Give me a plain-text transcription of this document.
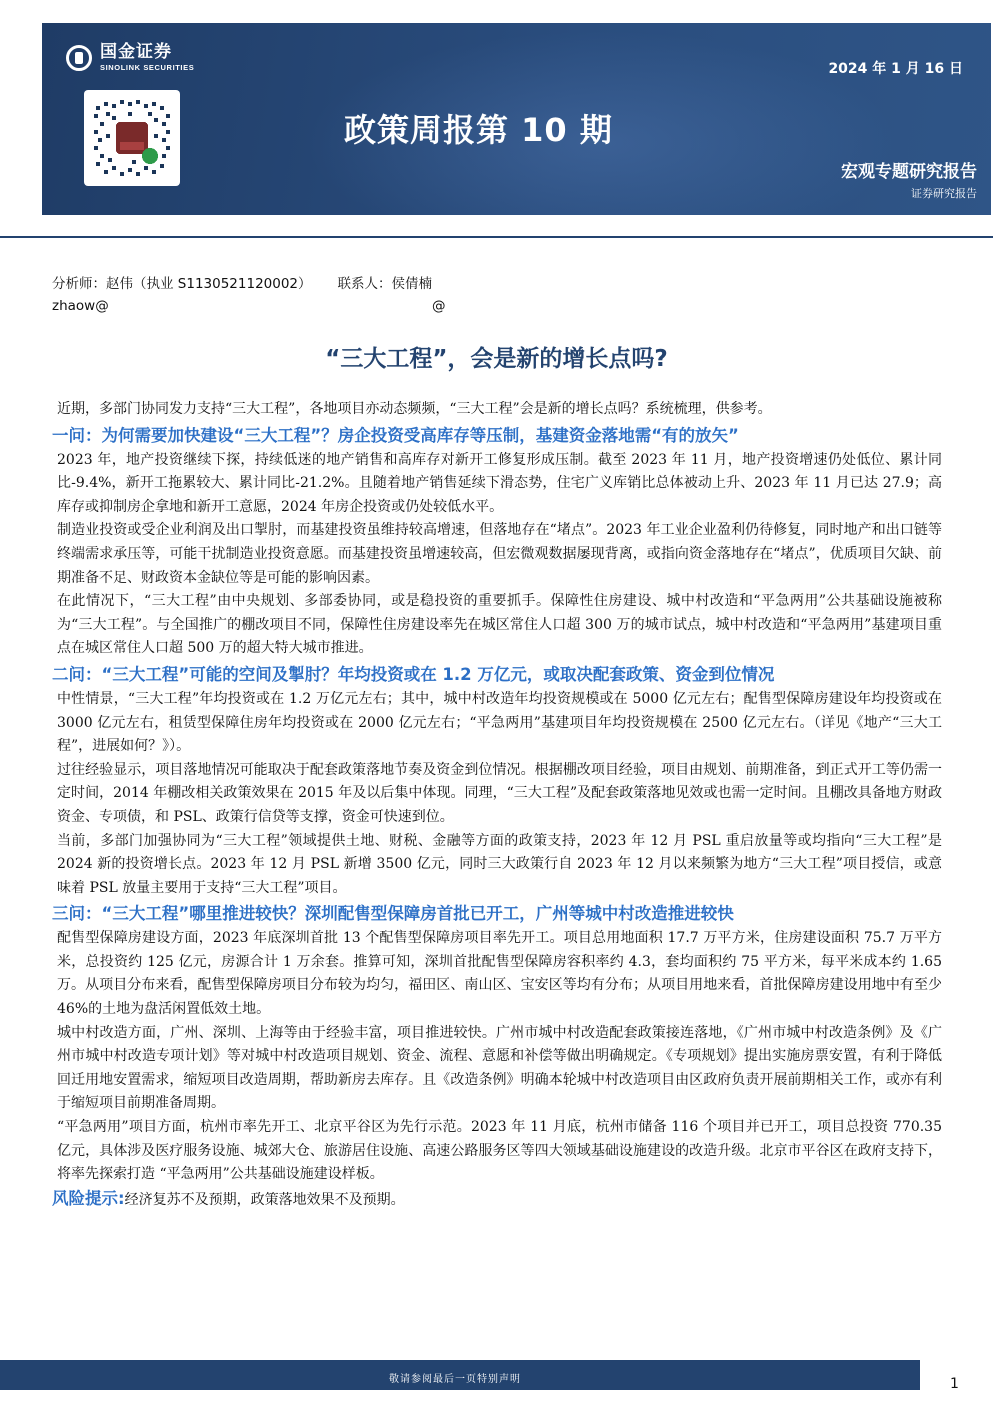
国金证券
SINOLINK SECURITIES	2024 年 1 月 16 日
政策周报第 10 期
宏观专题研究报告
证券研究报告
分析师：赵伟（执业 S1130521120002） 联系人：侯倩楠
zhaow@	@
“三大工程”，会是新的增长点吗?

近期，多部门协同发力支持“三大工程”，各地项目亦动态频频，“三大工程”会是新的增长点吗？系统梳理，供参考。

一问：为何需要加快建设“三大工程”？房企投资受高库存等压制，基建资金落地需“有的放矢”

2023 年，地产投资继续下探，持续低迷的地产销售和高库存对新开工修复形成压制。截至 2023 年 11 月，地产投资增速仍处低位、累计同比-9.4%，新开工拖累较大、累计同比-21.2%。且随着地产销售延续下滑态势，住宅广义库销比总体被动上升、2023 年 11 月已达 27.9；高库存或抑制房企拿地和新开工意愿，2024 年房企投资或仍处较低水平。

制造业投资或受企业利润及出口掣肘，而基建投资虽维持较高增速，但落地存在“堵点”。2023 年工业企业盈利仍待修复，同时地产和出口链等终端需求承压等，可能干扰制造业投资意愿。而基建投资虽增速较高，但宏微观数据屡现背离，或指向资金落地存在“堵点”，优质项目欠缺、前期准备不足、财政资本金缺位等是可能的影响因素。

在此情况下，“三大工程”由中央规划、多部委协同，或是稳投资的重要抓手。保障性住房建设、城中村改造和“平急两用”公共基础设施被称为“三大工程”。与全国推广的棚改项目不同，保障性住房建设率先在城区常住人口超 300 万的城市试点，城中村改造和“平急两用”基建项目重点在城区常住人口超 500 万的超大特大城市推进。

二问：“三大工程”可能的空间及掣肘？年均投资或在 1.2 万亿元，或取决配套政策、资金到位情况

中性情景，“三大工程”年均投资或在 1.2 万亿元左右；其中，城中村改造年均投资规模或在 5000 亿元左右；配售型保障房建设年均投资或在 3000 亿元左右，租赁型保障住房年均投资或在 2000 亿元左右；“平急两用”基建项目年均投资规模在 2500 亿元左右。（详见《地产“三大工程”，进展如何？》）。

过往经验显示，项目落地情况可能取决于配套政策落地节奏及资金到位情况。根据棚改项目经验，项目由规划、前期准备，到正式开工等仍需一定时间，2014 年棚改相关政策效果在 2015 年及以后集中体现。同理，“三大工程”及配套政策落地见效或也需一定时间。且棚改具备地方财政资金、专项债，和 PSL、政策行信贷等支撑，资金可快速到位。

当前，多部门加强协同为“三大工程”领域提供土地、财税、金融等方面的政策支持，2023 年 12 月 PSL 重启放量等或均指向“三大工程”是 2024 新的投资增长点。2023 年 12 月 PSL 新增 3500 亿元，同时三大政策行自 2023 年 12 月以来频繁为地方“三大工程”项目授信，或意味着 PSL 放量主要用于支持“三大工程”项目。

三问：“三大工程”哪里推进较快？深圳配售型保障房首批已开工，广州等城中村改造推进较快

配售型保障房建设方面，2023 年底深圳首批 13 个配售型保障房项目率先开工。项目总用地面积 17.7 万平方米，住房建设面积 75.7 万平方米，总投资约 125 亿元，房源合计 1 万余套。推算可知，深圳首批配售型保障房容积率约 4.3，套均面积约 75 平方米，每平米成本约 1.65 万。从项目分布来看，配售型保障房项目分布较为均匀，福田区、南山区、宝安区等均有分布；从项目用地来看，首批保障房建设用地中有至少 46%的土地为盘活闲置低效土地。

城中村改造方面，广州、深圳、上海等由于经验丰富，项目推进较快。广州市城中村改造配套政策接连落地，《广州市城中村改造条例》及《广州市城中村改造专项计划》等对城中村改造项目规划、资金、流程、意愿和补偿等做出明确规定。《专项规划》提出实施房票安置，有利于降低回迁用地安置需求，缩短项目改造周期，帮助新房去库存。且《改造条例》明确本轮城中村改造项目由区政府负责开展前期相关工作，或亦有利于缩短项目前期准备周期。

“平急两用”项目方面，杭州市率先开工、北京平谷区为先行示范。2023 年 11 月底，杭州市储备 116 个项目并已开工，项目总投资 770.35 亿元，具体涉及医疗服务设施、城郊大仓、旅游居住设施、高速公路服务区等四大领域基础设施建设的改造升级。北京市平谷区在政府支持下，将率先探索打造 “平急两用”公共基础设施建设样板。

风险提示:经济复苏不及预期，政策落地效果不及预期。
敬请参阅最后一页特别声明	1
